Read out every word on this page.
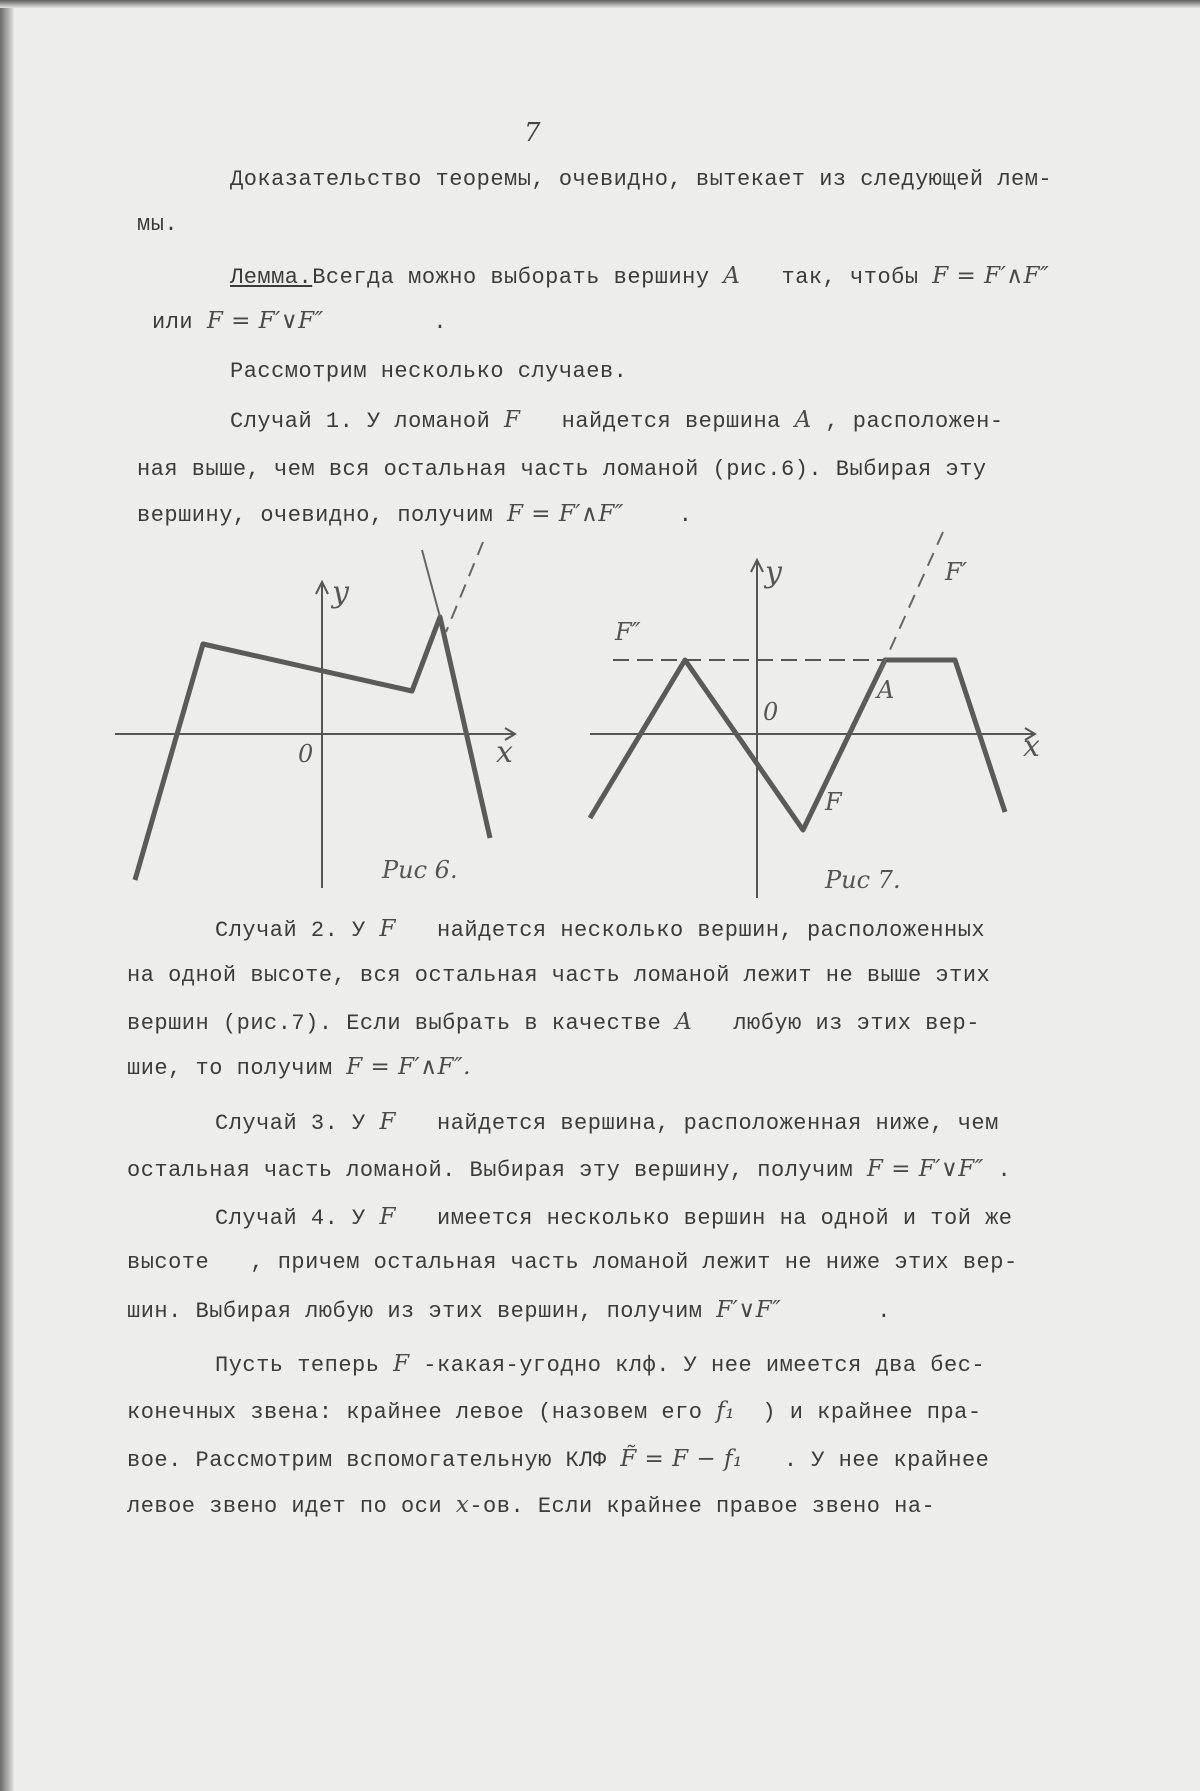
7
Доказательство теоремы, очевидно, вытекает из следующей лем-
мы.
Лемма.Всегда можно выборать вершину A   так, чтобы F = F′∧F″
или F = F′∨F″        .
Рассмотрим несколько случаев.
Случай 1. У ломаной F   найдется вершина A , расположен-
ная выше, чем вся остальная часть ломаной (рис.6). Выбирая эту
вершину, очевидно, получим F = F′∧F″    .
y
x
0
Рис 6.
y
x
0
F″
F′
A
F
Рис 7.
Случай 2. У F   найдется несколько вершин, расположенных
на одной высоте, вся остальная часть ломаной лежит не выше этих
вершин (рис.7). Если выбрать в качестве A   любую из этих вер-
шие, то получим F = F′∧F″.
Случай 3. У F   найдется вершина, расположенная ниже, чем
остальная часть ломаной. Выбирая эту вершину, получим F = F′∨F″ .
Случай 4. У F   имеется несколько вершин на одной и той же
высоте   , причем остальная часть ломаной лежит не ниже этих вер-
шин. Выбирая любую из этих вершин, получим F′∨F″       .
Пусть теперь F -какая-угодно клф. У нее имеется два бес-
конечных звена: крайнее левое (назовем его f₁  ) и крайнее пра-
вое. Рассмотрим вспомогательную КЛФ F̃ = F − f₁   . У нее крайнее
левое звено идет по оси x-ов. Если крайнее правое звено на-
